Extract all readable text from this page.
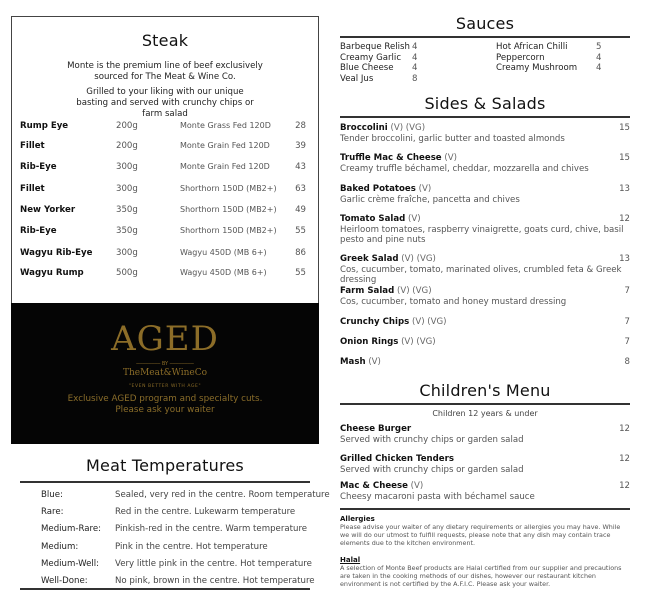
Steak
Monte is the premium line of beef exclusively sourced for The Meat & Wine Co.
Grilled to your liking with our unique basting and served with crunchy chips or farm salad
Rump Eye	200g	Monte Grass Fed 120D	28
Fillet	200g	Monte Grain Fed 120D	39
Rib-Eye	300g	Monte Grain Fed 120D	43
Fillet	300g	Shorthorn 150D (MB2+) 63
New Yorker	350g	Shorthorn 150D (MB2+) 49
Rib-Eye	350g	Shorthorn 150D (MB2+) 55
Wagyu Rib-Eye	300g	Wagyu 450D (MB 6+)	86
Wagyu Rump	500g	Wagyu 450D (MB 6+)	55
AGED
──────── BY ────────
TheMeat&WineCo
"EVEN BETTER WITH AGE"
Exclusive AGED program and specialty cuts.
Please ask your waiter
Meat Temperatures
Blue:	Sealed, very red in the centre. Room temperature
Rare:	Red in the centre. Lukewarm temperature
Medium-Rare: Pinkish-red in the centre. Warm temperature
Medium:	Pink in the centre. Hot temperature
Medium-Well: Very little pink in the centre. Hot temperature
Well-Done:	No pink, brown in the centre. Hot temperature
Sauces
Barbeque Relish 4
Creamy Garlic 4
Blue Cheese 4
Veal Jus	8
Hot African Chilli	5
Peppercorn	4
Creamy Mushroom 4
Sides & Salads
Broccolini (V) (VG)	15
Tender broccolini, garlic butter and toasted almonds
Truffle Mac & Cheese (V)	15
Creamy truffle béchamel, cheddar, mozzarella and chives
Baked Potatoes (V)	13
Garlic crème fraîche, pancetta and chives
Tomato Salad (V)	12
Heirloom tomatoes, raspberry vinaigrette, goats curd, chive, basil pesto and pine nuts
Greek Salad (V) (VG)	13
Cos, cucumber, tomato, marinated olives, crumbled feta & Greek dressing
Farm Salad (V) (VG)	7
Cos, cucumber, tomato and honey mustard dressing
Crunchy Chips (V) (VG)	7
Onion Rings (V) (VG)	7
Mash (V)	8
Children's Menu
Children 12 years & under
Cheese Burger	12
Served with crunchy chips or garden salad
Grilled Chicken Tenders	12
Served with crunchy chips or garden salad
Mac & Cheese (V)	12
Cheesy macaroni pasta with béchamel sauce
Allergies
Please advise your waiter of any dietary requirements or allergies you may have. While we will do our utmost to fulfill requests, please note that any dish may contain trace elements due to the kitchen environment.
Halal
A selection of Monte Beef products are Halal certified from our supplier and precautions are taken in the cooking methods of our dishes, however our restaurant kitchen environment is not certified by the A.F.I.C. Please ask your waiter.
